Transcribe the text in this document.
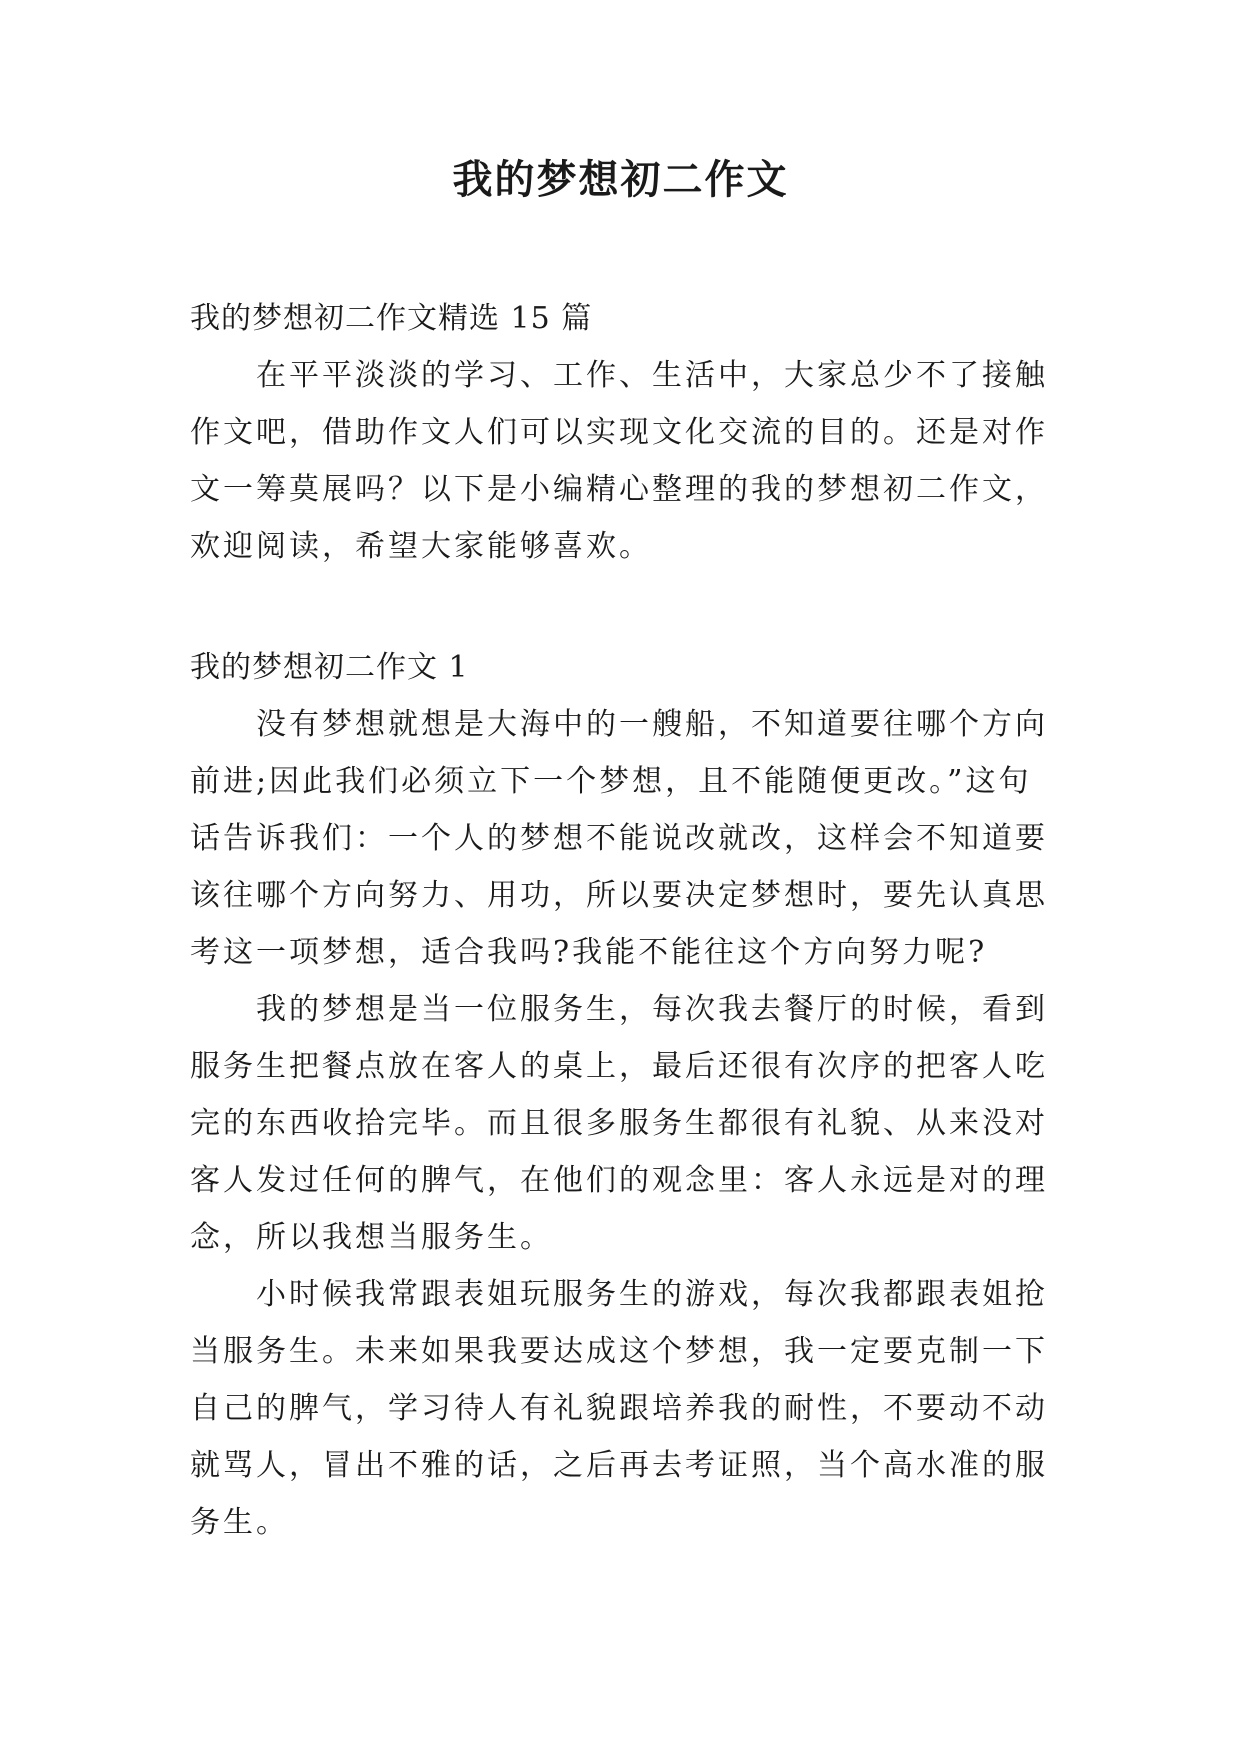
我的梦想初二作文
我的梦想初二作文精选 15 篇
在平平淡淡的学习、工作、生活中，大家总少不了接触
作文吧，借助作文人们可以实现文化交流的目的。还是对作
文一筹莫展吗？以下是小编精心整理的我的梦想初二作文，
欢迎阅读，希望大家能够喜欢。
我的梦想初二作文 1
没有梦想就想是大海中的一艘船，不知道要往哪个方向
前进;因此我们必须立下一个梦想，且不能随便更改。”这句
话告诉我们：一个人的梦想不能说改就改，这样会不知道要
该往哪个方向努力、用功，所以要决定梦想时，要先认真思
考这一项梦想，适合我吗?我能不能往这个方向努力呢?
我的梦想是当一位服务生，每次我去餐厅的时候，看到
服务生把餐点放在客人的桌上，最后还很有次序的把客人吃
完的东西收拾完毕。而且很多服务生都很有礼貌、从来没对
客人发过任何的脾气，在他们的观念里：客人永远是对的理
念，所以我想当服务生。
小时候我常跟表姐玩服务生的游戏，每次我都跟表姐抢
当服务生。未来如果我要达成这个梦想，我一定要克制一下
自己的脾气，学习待人有礼貌跟培养我的耐性，不要动不动
就骂人，冒出不雅的话，之后再去考证照，当个高水准的服
务生。
